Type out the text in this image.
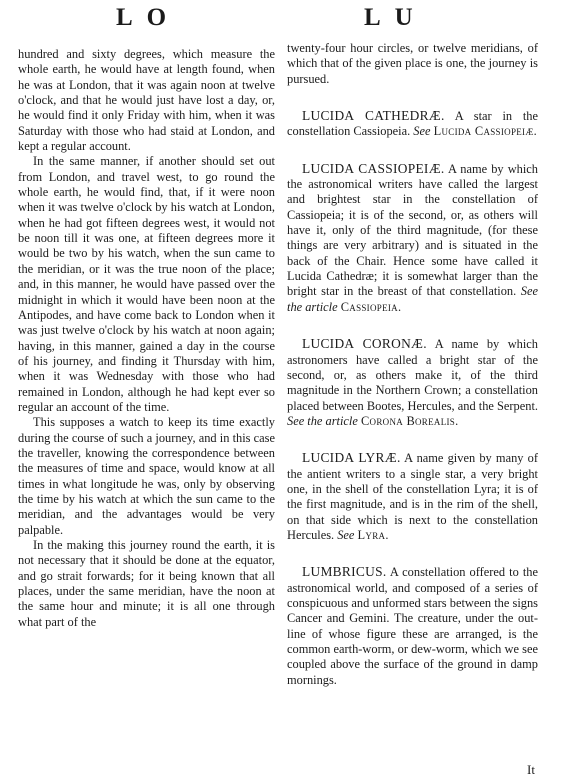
LO	LU

hundred and sixty degrees, which measure the whole earth, he would have at length found, when he was at London, that it was again noon at twelve o'clock, and that he would just have lost a day, or, he would find it only Friday with him, when it was Saturday with those who had staid at London, and kept a regular account.

In the same manner, if another should set out from London, and travel west, to go round the whole earth, he would find, that, if it were noon when it was twelve o'clock by his watch at London, when he had got fifteen degrees west, it would not be noon till it was one, at fifteen degrees more it would be two by his watch, when the sun came to the meridian, or it was the true noon of the place; and, in this manner, he would have passed over the midnight in which it would have been noon at the Antipodes, and have come back to London when it was just twelve o'clock by his watch at noon again; having, in this manner, gained a day in the course of his journey, and finding it Thursday with him, when it was Wednesday with those who had remained in London, although he had kept ever so regular an account of the time.

This supposes a watch to keep its time exactly during the course of such a journey, and in this case the traveller, knowing the correspondence between the measures of time and space, would know at all times in what longitude he was, only by observing the time by his watch at which the sun came to the meridian, and the advantages would be very palpable.

In the making this journey round the earth, it is not necessary that it should be done at the equator, and go strait forwards; for it being known that all places, under the same meridian, have the noon at the same hour and minute; it is all one through what part of the

twenty-four hour circles, or twelve meridians, of which that of the given place is one, the journey is pursued.

LUCIDA CATHEDRÆ. A star in the constellation Cassiopeia. See Lucida Cassiopeiæ.

LUCIDA CASSIOPEIÆ. A name by which the astronomical writers have called the largest and brightest star in the constellation of Cassiopeia; it is of the second, or, as others will have it, only of the third magnitude, (for these things are very arbitrary) and is situated in the back of the Chair. Hence some have called it Lucida Cathedræ; it is somewhat larger than the bright star in the breast of that constellation. See the article Cassiopeia.

LUCIDA CORONÆ. A name by which astronomers have called a bright star of the second, or, as others make it, of the third magnitude in the Northern Crown; a constellation placed between Bootes, Hercules, and the Serpent. See the article Corona Borealis.

LUCIDA LYRÆ. A name given by many of the antient writers to a single star, a very bright one, in the shell of the constellation Lyra; it is of the first magnitude, and is in the rim of the shell, on that side which is next to the constellation Hercules. See Lyra.

LUMBRICUS. A constellation offered to the astronomical world, and composed of a series of conspicuous and unformed stars between the signs Cancer and Gemini. The creature, under the out-line of whose figure these are arranged, is the common earth-worm, or dew-worm, which we see coupled above the surface of the ground in damp mornings.

It
